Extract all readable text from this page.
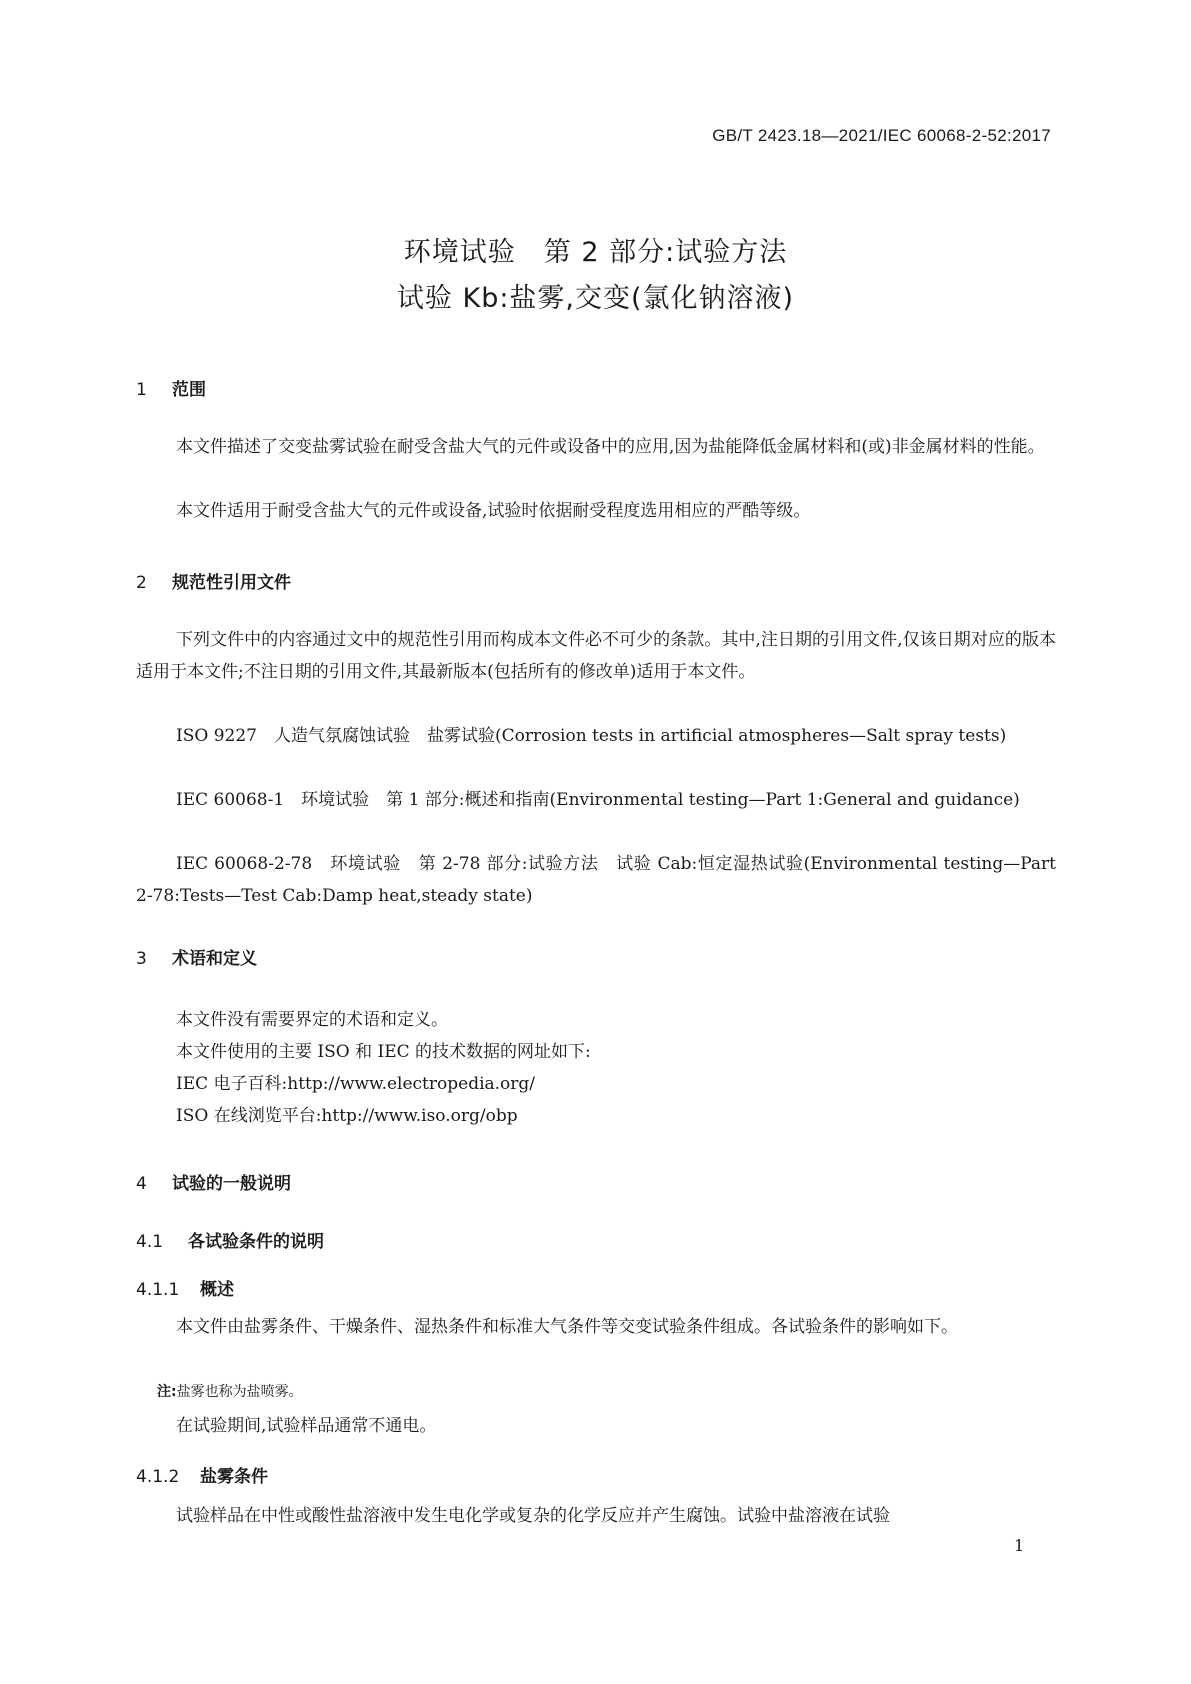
GB/T 2423.18—2021/IEC 60068-2-52:2017
环境试验　第 2 部分:试验方法
试验 Kb:盐雾,交变(氯化钠溶液)
1 范围
本文件描述了交变盐雾试验在耐受含盐大气的元件或设备中的应用,因为盐能降低金属材料和(或)非金属材料的性能。
本文件适用于耐受含盐大气的元件或设备,试验时依据耐受程度选用相应的严酷等级。
2 规范性引用文件
下列文件中的内容通过文中的规范性引用而构成本文件必不可少的条款。其中,注日期的引用文件,仅该日期对应的版本适用于本文件;不注日期的引用文件,其最新版本(包括所有的修改单)适用于本文件。
ISO 9227　人造气氛腐蚀试验　盐雾试验(Corrosion tests in artificial atmospheres—Salt spray tests)
IEC 60068-1　环境试验　第 1 部分:概述和指南(Environmental testing—Part 1:General and guidance)
IEC 60068-2-78　环境试验　第 2-78 部分:试验方法　试验 Cab:恒定湿热试验(Environmental testing—Part 2-78:Tests—Test Cab:Damp heat,steady state)
3 术语和定义
本文件没有需要界定的术语和定义。
本文件使用的主要 ISO 和 IEC 的技术数据的网址如下:
IEC 电子百科:http://www.electropedia.org/
ISO 在线浏览平台:http://www.iso.org/obp
4 试验的一般说明
4.1 各试验条件的说明
4.1.1 概述
本文件由盐雾条件、干燥条件、湿热条件和标准大气条件等交变试验条件组成。各试验条件的影响如下。
注:盐雾也称为盐喷雾。
在试验期间,试验样品通常不通电。
4.1.2 盐雾条件
试验样品在中性或酸性盐溶液中发生电化学或复杂的化学反应并产生腐蚀。试验中盐溶液在试验
1
